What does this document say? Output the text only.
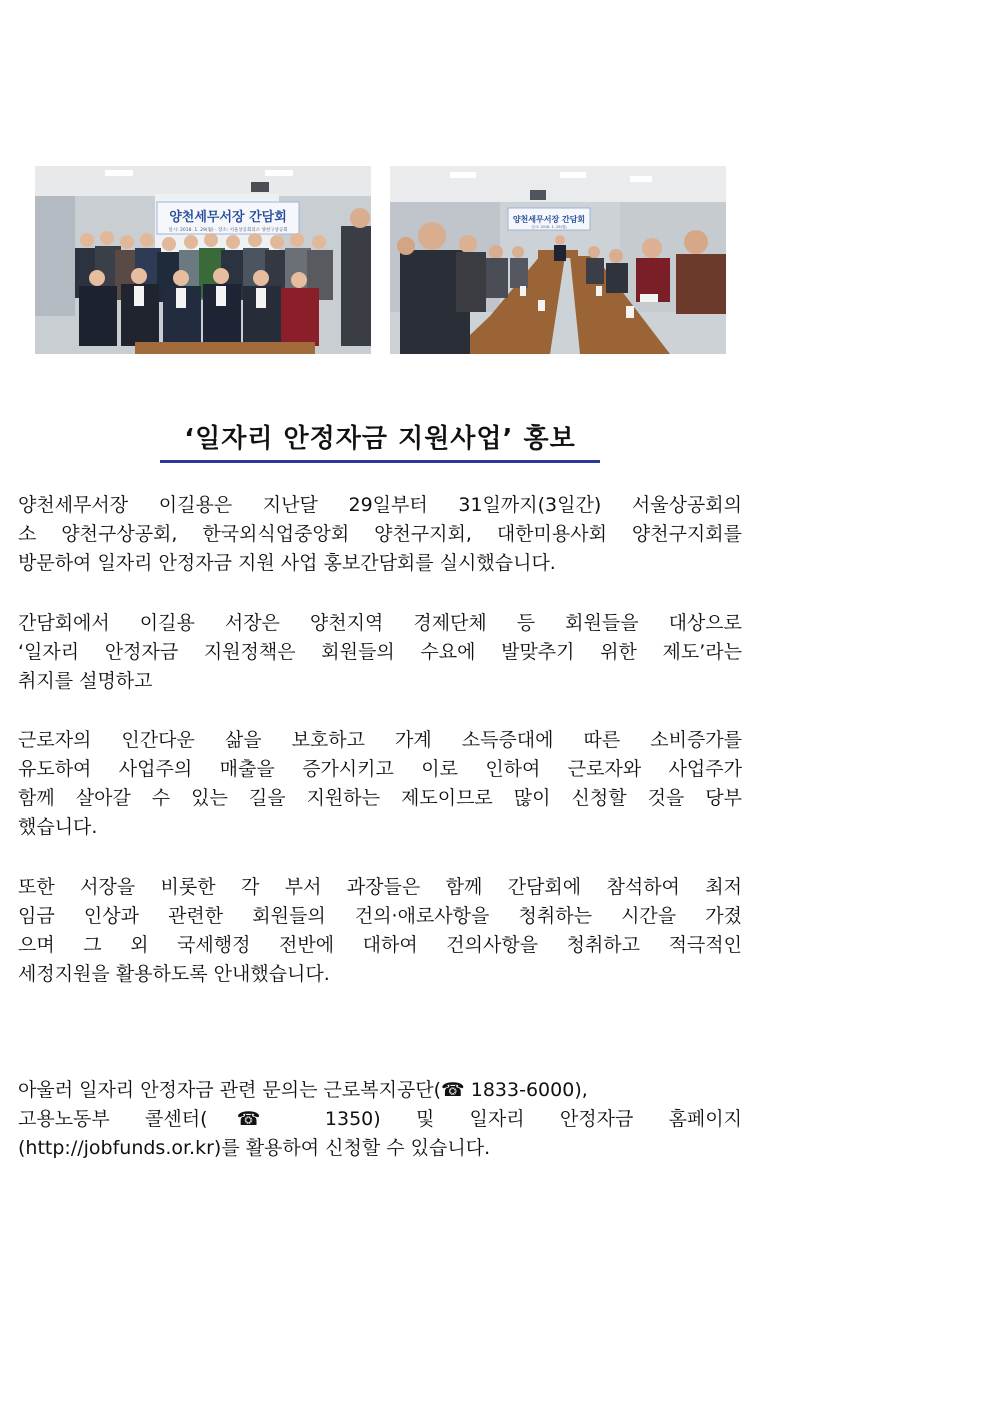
양천세무서장 간담회
일시: 2018. 1. 29(월) · 장소: 서울상공회의소 양천구상공회
양천세무서장 간담회
일시: 2018. 1. 29(월)
‘일자리 안정자금 지원사업’ 홍보

양천세무서장 이길용은 지난달 29일부터 31일까지(3일간) 서울상공회의
소 양천구상공회, 한국외식업중앙회 양천구지회, 대한미용사회 양천구지회를
방문하여 일자리 안정자금 지원 사업 홍보간담회를 실시했습니다.

간담회에서 이길용 서장은 양천지역 경제단체 등 회원들을 대상으로
‘일자리 안정자금 지원정책은 회원들의 수요에 발맞추기 위한 제도’라는
취지를 설명하고

근로자의 인간다운 삶을 보호하고 가계 소득증대에 따른 소비증가를
유도하여 사업주의 매출을 증가시키고 이로 인하여 근로자와 사업주가
함께 살아갈 수 있는 길을 지원하는 제도이므로 많이 신청할 것을 당부
했습니다.

또한 서장을 비롯한 각 부서 과장들은 함께 간담회에 참석하여 최저
임금 인상과 관련한 회원들의 건의·애로사항을 청취하는 시간을 가졌
으며 그 외 국세행정 전반에 대하여 건의사항을 청취하고 적극적인
세정지원을 활용하도록 안내했습니다.

아울러 일자리 안정자금 관련 문의는 근로복지공단(☎ 1833-6000),
고용노동부 콜센터(☎ 1350) 및 일자리 안정자금 홈페이지
(http://jobfunds.or.kr)를 활용하여 신청할 수 있습니다.
